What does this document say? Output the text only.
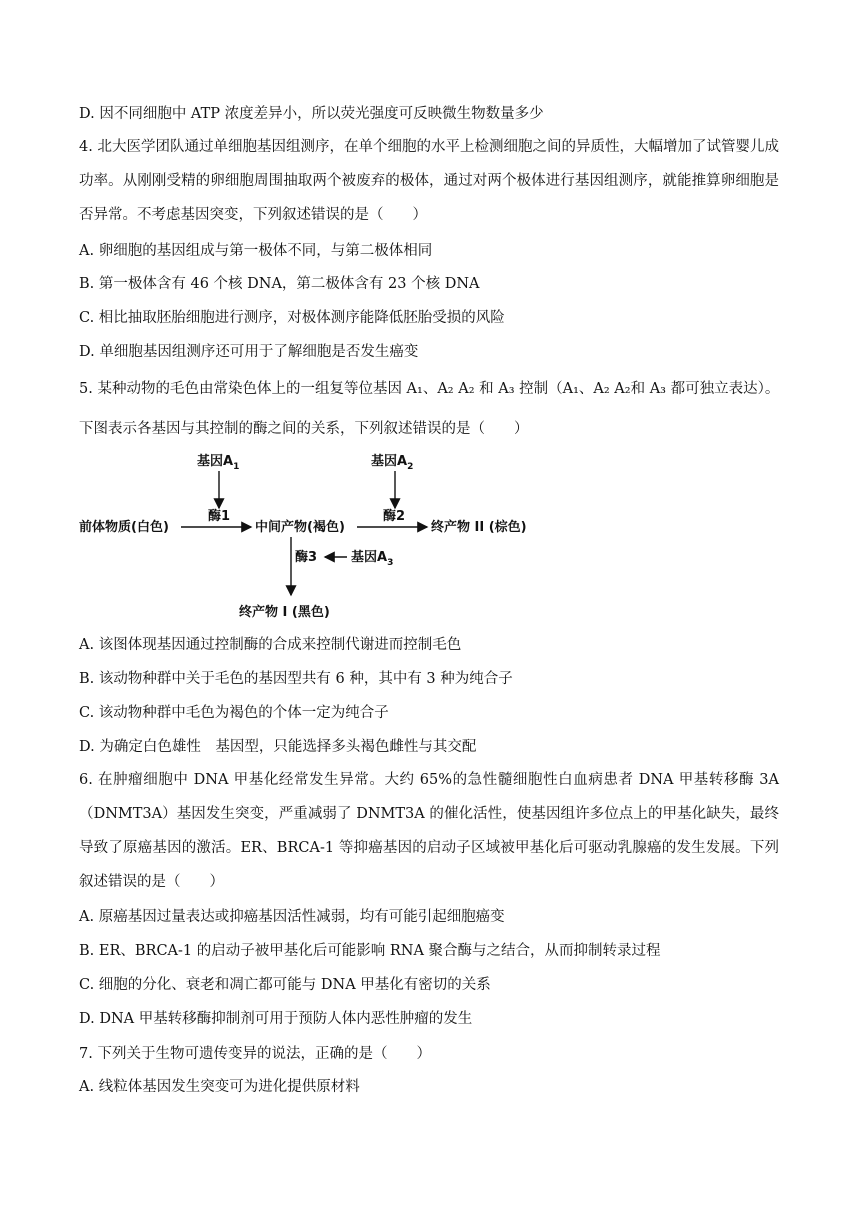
D. 因不同细胞中 ATP 浓度差异小，所以荧光强度可反映微生物数量多少
4. 北大医学团队通过单细胞基因组测序，在单个细胞的水平上检测细胞之间的异质性，大幅增加了试管婴儿成功率。从刚刚受精的卵细胞周围抽取两个被废弃的极体，通过对两个极体进行基因组测序，就能推算卵细胞是否异常。不考虑基因突变，下列叙述错误的是（　　）
A. 卵细胞的基因组成与第一极体不同，与第二极体相同
B. 第一极体含有 46 个核 DNA，第二极体含有 23 个核 DNA
C. 相比抽取胚胎细胞进行测序，对极体测序能降低胚胎受损的风险
D. 单细胞基因组测序还可用于了解细胞是否发生癌变
5. 某种动物的毛色由常染色体上的一组复等位基因 A₁、A₂ A₂ 和 A₃ 控制（A₁、A₂ A₂和 A₃ 都可独立表达）。
下图表示各基因与其控制的酶之间的关系，下列叙述错误的是（　　）
基因$A_1$	基因$A_2$
前体物质(白色)
酶1
中间产物(褐色)
酶2
终产物 II (棕色)
酶3	基因$A_3$
终产物 I (黑色)
A. 该图体现基因通过控制酶的合成来控制代谢进而控制毛色
B. 该动物种群中关于毛色的基因型共有 6 种，其中有 3 种为纯合子
C. 该动物种群中毛色为褐色的个体一定为纯合子
D. 为确定白色雄性　基因型，只能选择多头褐色雌性与其交配
6. 在肿瘤细胞中 DNA 甲基化经常发生异常。大约 65%的急性髓细胞性白血病患者 DNA 甲基转移酶 3A（DNMT3A）基因发生突变，严重减弱了 DNMT3A 的催化活性，使基因组许多位点上的甲基化缺失，最终导致了原癌基因的激活。ER、BRCA-1 等抑癌基因的启动子区域被甲基化后可驱动乳腺癌的发生发展。下列叙述错误的是（　　）
A. 原癌基因过量表达或抑癌基因活性减弱，均有可能引起细胞癌变
B. ER、BRCA-1 的启动子被甲基化后可能影响 RNA 聚合酶与之结合，从而抑制转录过程
C. 细胞的分化、衰老和凋亡都可能与 DNA 甲基化有密切的关系
D. DNA 甲基转移酶抑制剂可用于预防人体内恶性肿瘤的发生
7. 下列关于生物可遗传变异的说法，正确的是（　　）
A. 线粒体基因发生突变可为进化提供原材料
